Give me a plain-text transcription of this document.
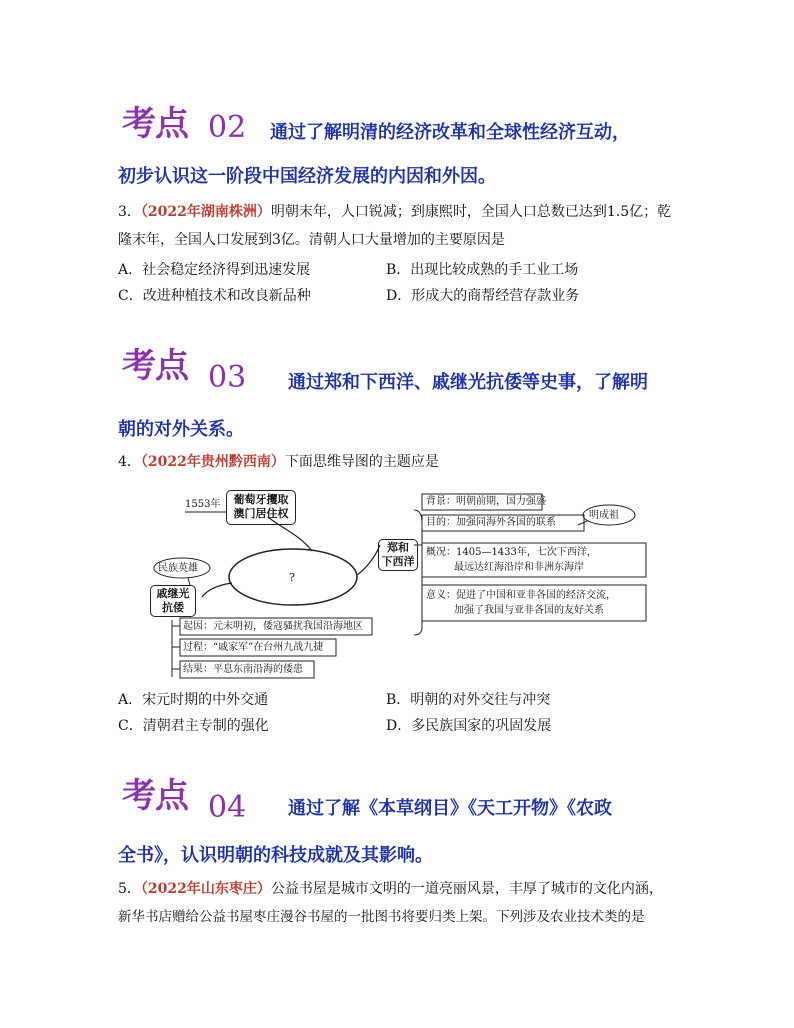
考点 02 通过了解明清的经济改革和全球性经济互动，
初步认识这一阶段中国经济发展的内因和外因。
3．（2022年湖南株洲）明朝末年，人口锐减；到康熙时，全国人口总数已达到1.5亿；乾
隆末年，全国人口发展到3亿。清朝人口大量增加的主要原因是
A．社会稳定经济得到迅速发展	B．出现比较成熟的手工业工场
C．改进种植技术和改良新品种	D．形成大的商帮经营存款业务
考点 03 通过郑和下西洋、戚继光抗倭等史事，了解明
朝的对外关系。
4．（2022年贵州黔西南）下面思维导图的主题应是
1553年	葡萄牙攫取
澳门居住权
?
民族英雄
戚继光
抗倭
起因：元末明初，倭寇骚扰我国沿海地区
过程：“戚家军”在台州九战九捷
结果：平息东南沿海的倭患
郑和
下西洋
背景：明朝前期，国力强盛
目的：加强同海外各国的联系
明成祖
概况：1405—1433年，七次下西洋，
最远达红海沿岸和非洲东海岸
意义：促进了中国和亚非各国的经济交流，
加强了我国与亚非各国的友好关系
A．宋元时期的中外交通	B．明朝的对外交往与冲突
C．清朝君主专制的强化	D．多民族国家的巩固发展
考点 04 通过了解《本草纲目》《天工开物》《农政
全书》，认识明朝的科技成就及其影响。
5．（2022年山东枣庄）公益书屋是城市文明的一道亮丽风景，丰厚了城市的文化内涵，
新华书店赠给公益书屋枣庄漫谷书屋的一批图书将要归类上架。下列涉及农业技术类的是
